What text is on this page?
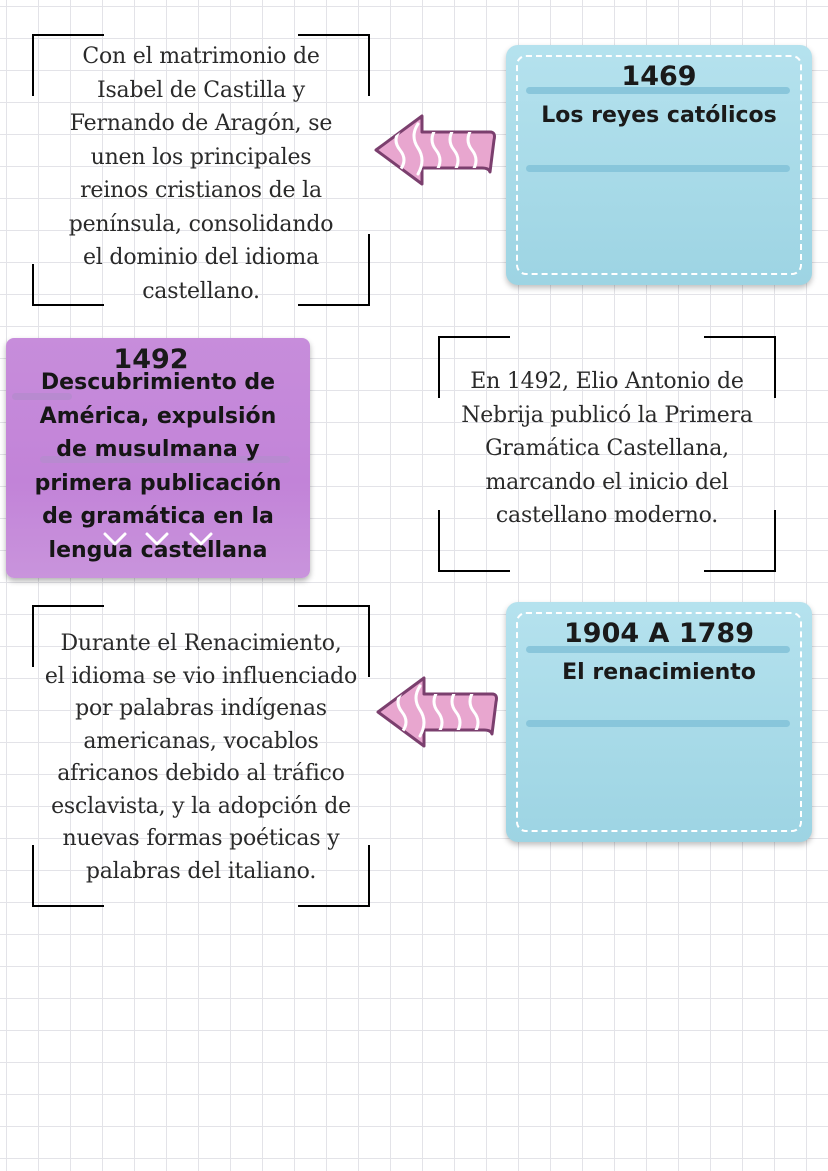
Con el matrimonio de
Isabel de Castilla y
Fernando de Aragón, se
unen los principales
reinos cristianos de la
península, consolidando
el dominio del idioma
castellano.
1469
Los reyes católicos
1492
Descubrimiento de
América, expulsión
de musulmana y
primera publicación
de gramática en la
lengua castellana
En 1492, Elio Antonio de
Nebrija publicó la Primera
Gramática Castellana,
marcando el inicio del
castellano moderno.
Durante el Renacimiento,
el idioma se vio influenciado
por palabras indígenas
americanas, vocablos
africanos debido al tráfico
esclavista, y la adopción de
nuevas formas poéticas y
palabras del italiano.
1904 A 1789
El renacimiento
